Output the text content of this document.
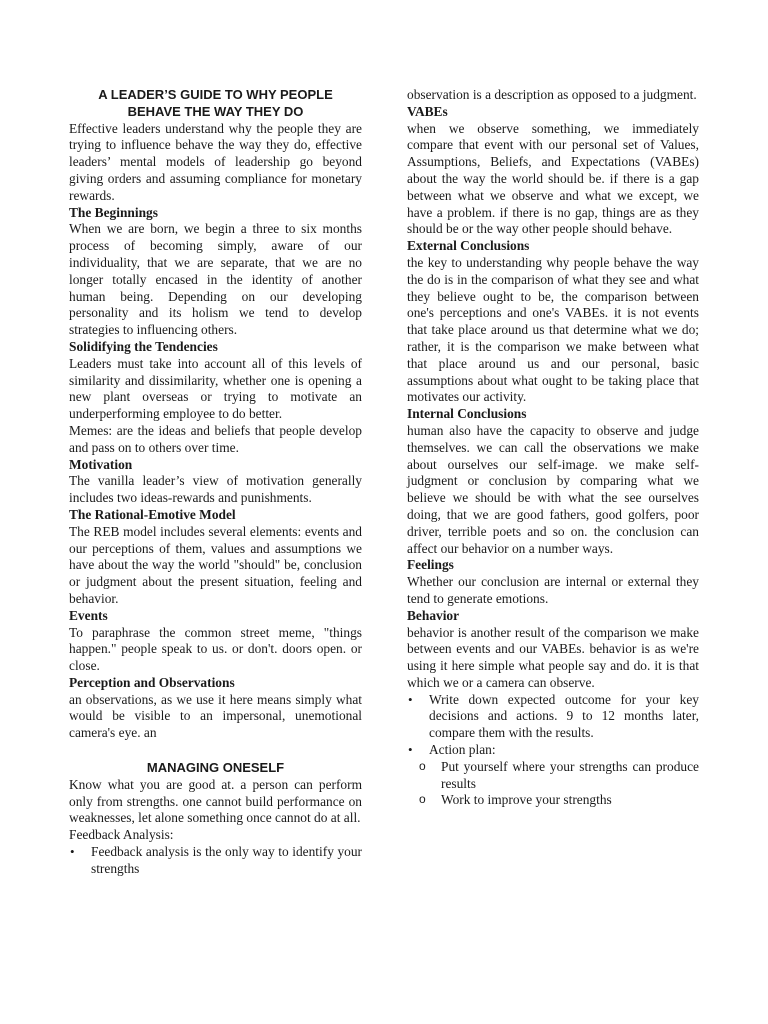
A LEADER’S GUIDE TO WHY PEOPLE BEHAVE THE WAY THEY DO

Effective leaders understand why the people they are trying to influence behave the way they do, effective leaders’ mental models of leadership go beyond giving orders and assuming compliance for monetary rewards.

The Beginnings

When we are born, we begin a three to six months process of becoming simply, aware of our individuality, that we are separate, that we are no longer totally encased in the identity of another human being. Depending on our developing personality and its holism we tend to develop strategies to influencing others.

Solidifying the Tendencies

Leaders must take into account all of this levels of similarity and dissimilarity, whether one is opening a new plant overseas or trying to motivate an underperforming employee to do better.

Memes: are the ideas and beliefs that people develop and pass on to others over time.

Motivation

The vanilla leader’s view of motivation generally includes two ideas-rewards and punishments.

The Rational-Emotive Model

The REB model includes several elements: events and our perceptions of them, values and assumptions we have about the way the world "should" be, conclusion or judgment about the present situation, feeling and behavior.

Events

To paraphrase the common street meme, "things happen." people speak to us. or don't. doors open. or close.

Perception and Observations

an observations, as we use it here means simply what would be visible to an impersonal, unemotional camera's eye. an

MANAGING ONESELF

Know what you are good at. a person can perform only from strengths. one cannot build performance on weaknesses, let alone something once cannot do at all.

Feedback Analysis:

• Feedback analysis is the only way to identify your strengths

observation is a description as opposed to a judgment.

VABEs

when we observe something, we immediately compare that event with our personal set of Values, Assumptions, Beliefs, and Expectations (VABEs) about the way the world should be. if there is a gap between what we observe and what we except, we have a problem. if there is no gap, things are as they should be or the way other people should behave.

External Conclusions

the key to understanding why people behave the way the do is in the comparison of what they see and what they believe ought to be, the comparison between one's perceptions and one's VABEs. it is not events that take place around us that determine what we do; rather, it is the comparison we make between what that place around us and our personal, basic assumptions about what ought to be taking place that motivates our activity.

Internal Conclusions

human also have the capacity to observe and judge themselves. we can call the observations we make about ourselves our self-image. we make self-judgment or conclusion by comparing what we believe we should be with what the see ourselves doing, that we are good fathers, good golfers, poor driver, terrible poets and so on. the conclusion can affect our behavior on a number ways.

Feelings

Whether our conclusion are internal or external they tend to generate emotions.

Behavior

behavior is another result of the comparison we make between events and our VABEs. behavior is as we're using it here simple what people say and do. it is that which we or a camera can observe.

• Write down expected outcome for your key decisions and actions. 9 to 12 months later, compare them with the results.
• Action plan:
o Put yourself where your strengths can produce results
o Work to improve your strengths
